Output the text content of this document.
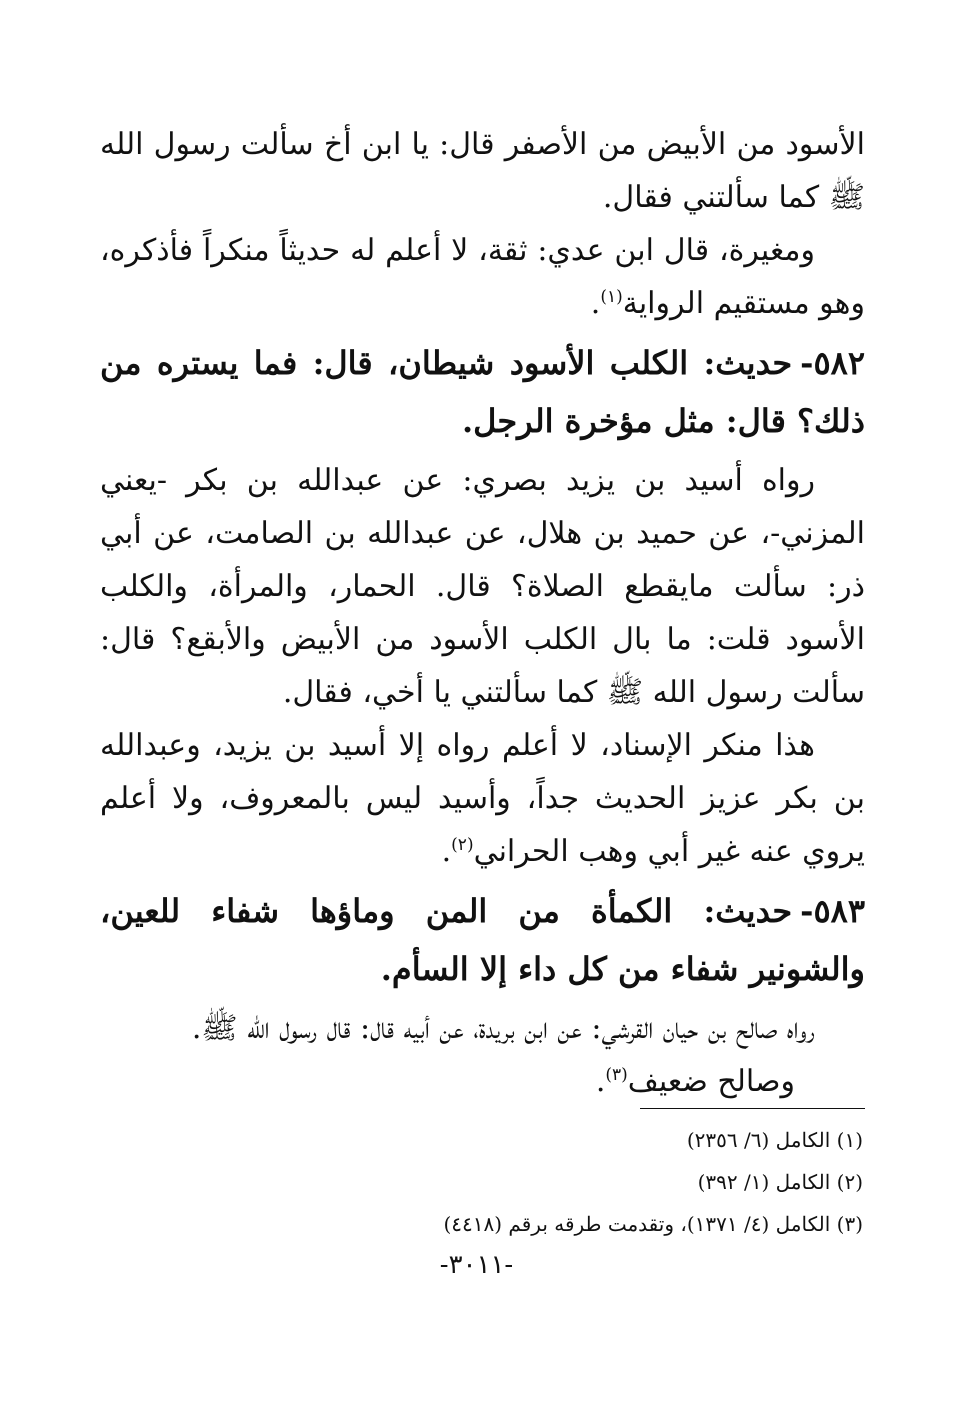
الأسود من الأبيض من الأصفر قال: يا ابن أخ سألت رسول الله ﷺ كما سألتني فقال.

ومغيرة، قال ابن عدي: ثقة، لا أعلم له حديثاً منكراً فأذكره، وهو مستقيم الرواية$^{(١)}$.

٥٨٢-حديث: الكلب الأسود شيطان، قال: فما يستره من ذلك؟ قال: مثل مؤخرة الرجل.

رواه أسيد بن يزيد بصري: عن عبدالله بن بكر -يعني المزني-، عن حميد بن هلال، عن عبدالله بن الصامت، عن أبي ذر: سألت مايقطع الصلاة؟ قال. الحمار، والمرأة، والكلب الأسود قلت: ما بال الكلب الأسود من الأبيض والأبقع؟ قال: سألت رسول الله ﷺ كما سألتني يا أخي، فقال.

هذا منكر الإسناد، لا أعلم رواه إلا أسيد بن يزيد، وعبدالله بن بكر عزيز الحديث جداً، وأسيد ليس بالمعروف، ولا أعلم يروي عنه غير أبي وهب الحراني$^{(٢)}$.

٥٨٣-حديث: الكمأة من المن وماؤها شفاء للعين، والشونير شفاء من كل داء إلا السأم.

رواه صالح بن حيان القرشي: عن ابن بريدة، عن أبيه قال: قال رسول الله ﷺ.

وصالح ضعيف$^{(٣)}$.

(١) الكامل (٦/ ٢٣٥٦)

(٢) الكامل (١/ ٣٩٢)

(٣) الكامل (٤/ ١٣٧١)، وتقدمت طرقه برقم (٤٤١٨)

-٣٠١١-
